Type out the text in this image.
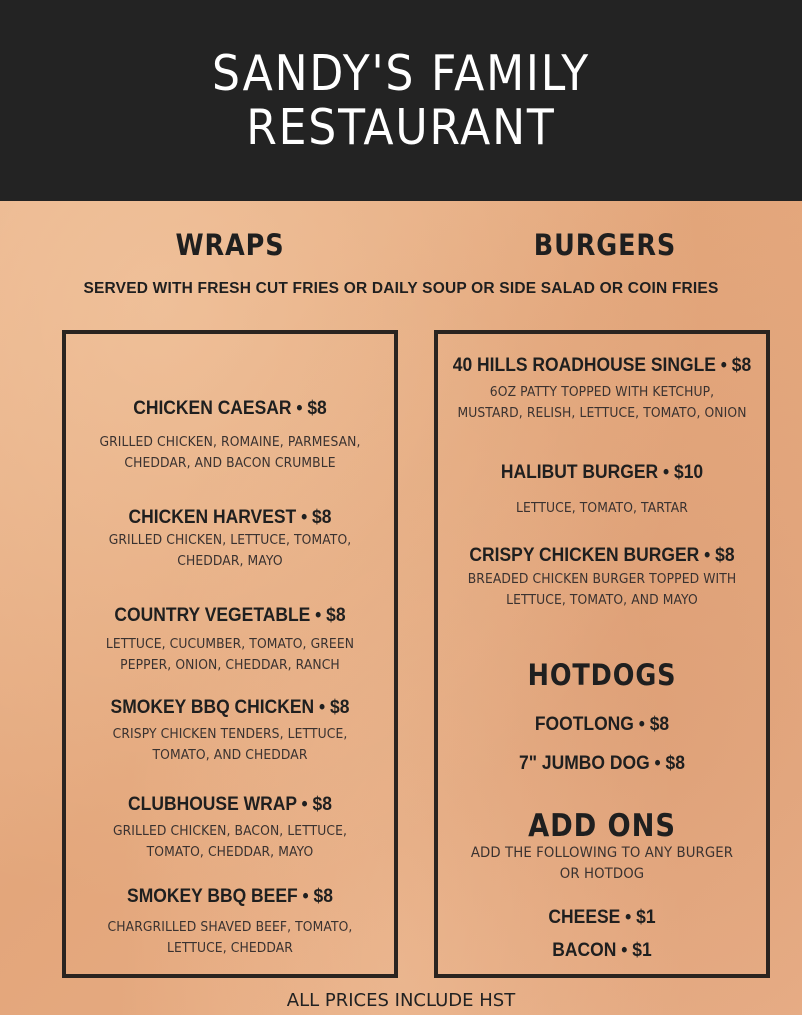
SANDY'S FAMILY
RESTAURANT
WRAPS	BURGERS
SERVED WITH FRESH CUT FRIES OR DAILY SOUP OR SIDE SALAD OR COIN FRIES
CHICKEN CAESAR • $8
GRILLED CHICKEN, ROMAINE, PARMESAN,
CHEDDAR, AND BACON CRUMBLE
CHICKEN HARVEST • $8
GRILLED CHICKEN, LETTUCE, TOMATO,
CHEDDAR, MAYO
COUNTRY VEGETABLE • $8
LETTUCE, CUCUMBER, TOMATO, GREEN
PEPPER, ONION, CHEDDAR, RANCH
SMOKEY BBQ CHICKEN • $8
CRISPY CHICKEN TENDERS, LETTUCE,
TOMATO, AND CHEDDAR
CLUBHOUSE WRAP • $8
GRILLED CHICKEN, BACON, LETTUCE,
TOMATO, CHEDDAR, MAYO
SMOKEY BBQ BEEF • $8
CHARGRILLED SHAVED BEEF, TOMATO,
LETTUCE, CHEDDAR
40 HILLS ROADHOUSE SINGLE • $8
6OZ PATTY TOPPED WITH KETCHUP,
MUSTARD, RELISH, LETTUCE, TOMATO, ONION
HALIBUT BURGER • $10
LETTUCE, TOMATO, TARTAR
CRISPY CHICKEN BURGER • $8
BREADED CHICKEN BURGER TOPPED WITH
LETTUCE, TOMATO, AND MAYO
HOTDOGS
FOOTLONG • $8
7" JUMBO DOG • $8
ADD ONS
ADD THE FOLLOWING TO ANY BURGER
OR HOTDOG
CHEESE • $1
BACON • $1
ALL PRICES INCLUDE HST
